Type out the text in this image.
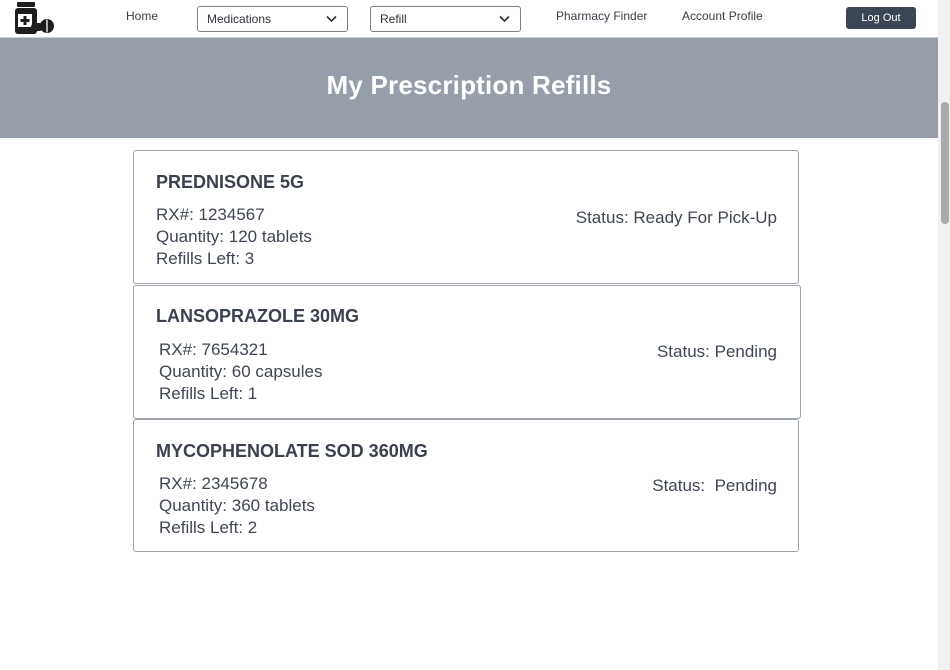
Home	Medications	Refill	Pharmacy Finder	Account Profile	Log Out
My Prescription Refills
PREDNISONE 5G
RX#: 1234567
Quantity: 120 tablets
Refills Left: 3
Status: Ready For Pick-Up
LANSOPRAZOLE 30MG
RX#: 7654321
Quantity: 60 capsules
Refills Left: 1
Status: Pending
MYCOPHENOLATE SOD 360MG
RX#: 2345678
Quantity: 360 tablets
Refills Left: 2
Status:  Pending
